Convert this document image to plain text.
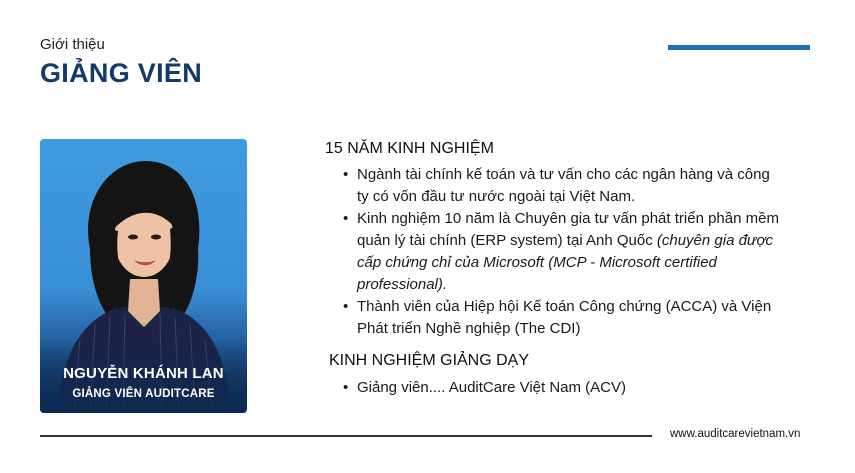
Giới thiệu
GIẢNG VIÊN
NGUYỄN KHÁNH LAN
GIẢNG VIÊN AUDITCARE
15 NĂM KINH NGHIỆM
• Ngành tài chính kế toán và tư vấn cho các ngân hàng và công ty có vốn đầu tư nước ngoài tại Việt Nam.
• Kinh nghiệm 10 năm là Chuyên gia tư vấn phát triển phần mềm quản lý tài chính (ERP system) tại Anh Quốc (chuyên gia được cấp chứng chỉ của Microsoft (MCP - Microsoft certified professional).
• Thành viên của Hiệp hội Kế toán Công chứng (ACCA) và Viện Phát triển Nghề nghiệp (The CDI)
KINH NGHIỆM GIẢNG DẠY
• Giảng viên.... AuditCare Việt Nam (ACV)
www.auditcarevietnam.vn
